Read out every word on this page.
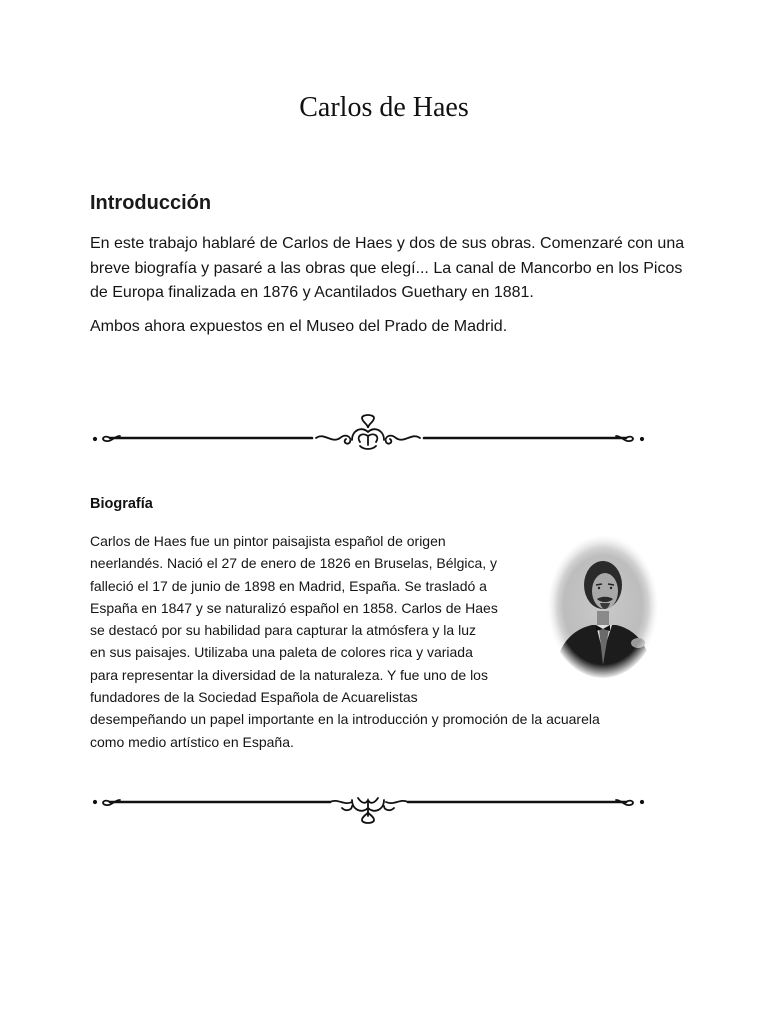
Carlos de Haes
Introducción

En este trabajo hablaré de Carlos de Haes y dos de sus obras. Comenzaré con una
breve biografía y pasaré a las obras que elegí... La canal de Mancorbo en los Picos
de Europa finalizada en 1876 y Acantilados Guethary en 1881.

Ambos ahora expuestos en el Museo del Prado de Madrid.

Biografía

Carlos de Haes fue un pintor paisajista español de origen
neerlandés. Nació el 27 de enero de 1826 en Bruselas, Bélgica, y
falleció el 17 de junio de 1898 en Madrid, España. Se trasladó a
España en 1847 y se naturalizó español en 1858. Carlos de Haes
se destacó por su habilidad para capturar la atmósfera y la luz
en sus paisajes. Utilizaba una paleta de colores rica y variada
para representar la diversidad de la naturaleza. Y fue uno de los
fundadores de la Sociedad Española de Acuarelistas
desempeñando un papel importante en la introducción y promoción de la acuarela
como medio artístico en España.
